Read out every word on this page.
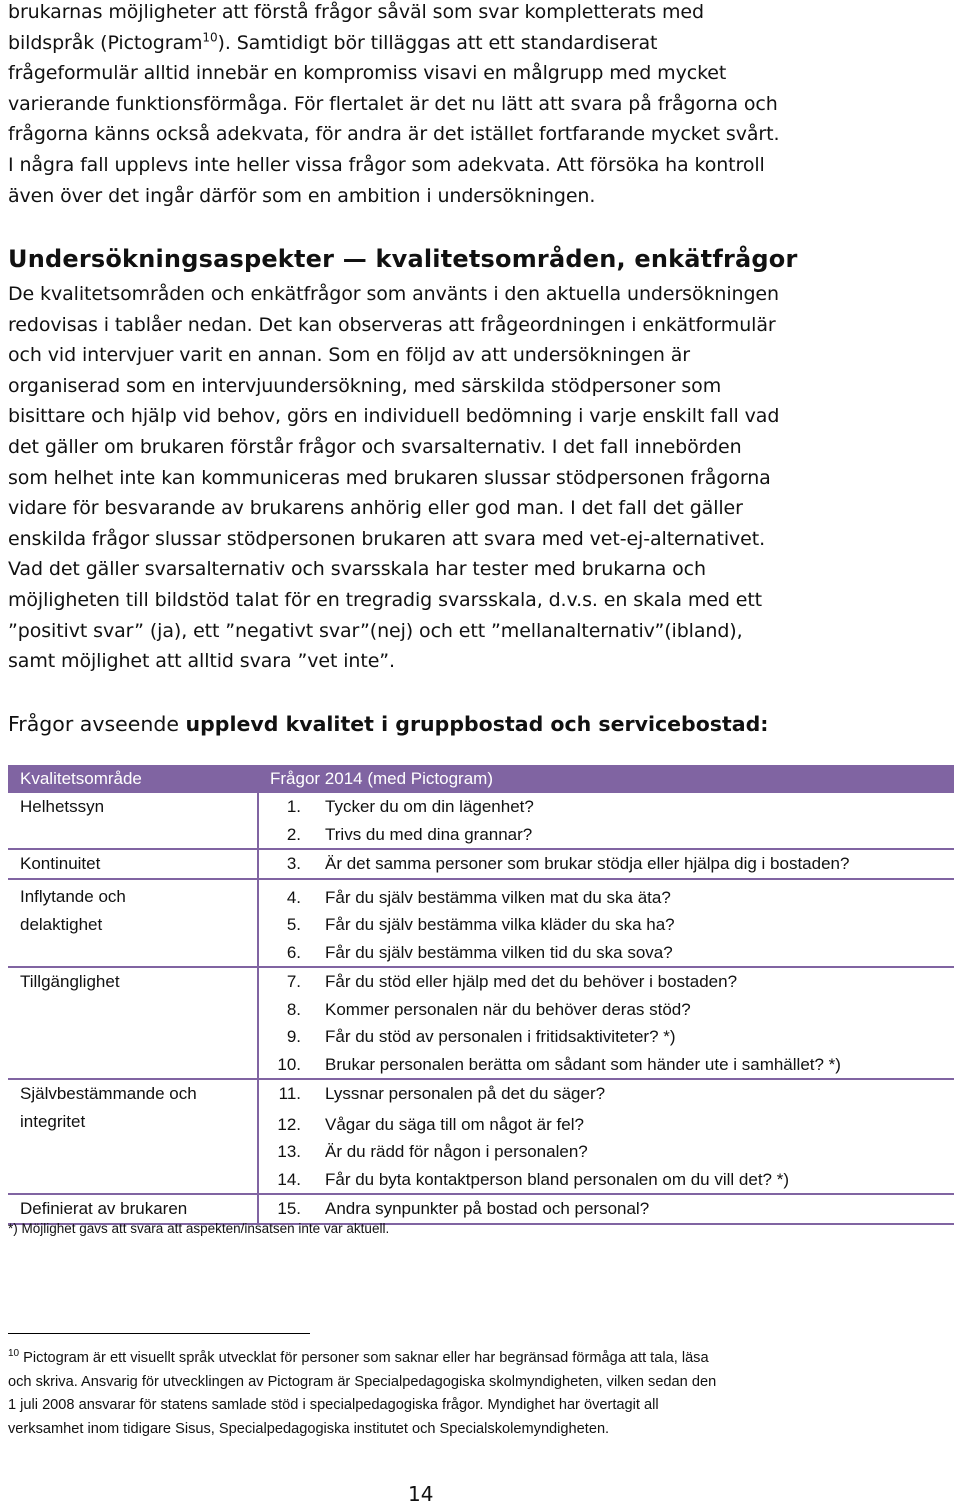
brukarnas möjligheter att förstå frågor såväl som svar kompletterats med
bildspråk (Pictogram$^{10}$). Samtidigt bör tilläggas att ett standardiserat
frågeformulär alltid innebär en kompromiss visavi en målgrupp med mycket
varierande funktionsförmåga. För flertalet är det nu lätt att svara på frågorna och
frågorna känns också adekvata, för andra är det istället fortfarande mycket svårt.
I några fall upplevs inte heller vissa frågor som adekvata. Att försöka ha kontroll
även över det ingår därför som en ambition i undersökningen.
Undersökningsaspekter — kvalitetsområden, enkätfrågor
De kvalitetsområden och enkätfrågor som använts i den aktuella undersökningen
redovisas i tablåer nedan. Det kan observeras att frågeordningen i enkätformulär
och vid intervjuer varit en annan. Som en följd av att undersökningen är
organiserad som en intervjuundersökning, med särskilda stödpersoner som
bisittare och hjälp vid behov, görs en individuell bedömning i varje enskilt fall vad
det gäller om brukaren förstår frågor och svarsalternativ. I det fall innebörden
som helhet inte kan kommuniceras med brukaren slussar stödpersonen frågorna
vidare för besvarande av brukarens anhörig eller god man. I det fall det gäller
enskilda frågor slussar stödpersonen brukaren att svara med vet-ej-alternativet.
Vad det gäller svarsalternativ och svarsskala har tester med brukarna och
möjligheten till bildstöd talat för en tregradig svarsskala, d.v.s. en skala med ett
”positivt svar” (ja), ett ”negativt svar”(nej) och ett ”mellanalternativ”(ibland),
samt möjlighet att alltid svara ”vet inte”.

Frågor avseende upplevd kvalitet i gruppbostad och servicebostad:

Kvalitetsområde	Frågor 2014 (med Pictogram)	
Helhetssyn	1.	Tycker du om din lägenhet?
	2.	Trivs du med dina grannar?
Kontinuitet	3.	Är det samma personer som brukar stödja eller hjälpa dig i bostaden?
Inflytande och	4.	Får du själv bestämma vilken mat du ska äta?
delaktighet	5.	Får du själv bestämma vilka kläder du ska ha?
	6.	Får du själv bestämma vilken tid du ska sova?
Tillgänglighet	7.	Får du stöd eller hjälp med det du behöver i bostaden?
	8.	Kommer personalen när du behöver deras stöd?
	9.	Får du stöd av personalen i fritidsaktiviteter? *)
	10.	Brukar personalen berätta om sådant som händer ute i samhället? *)
Självbestämmande och	11.	Lyssnar personalen på det du säger?
integritet	12.	Vågar du säga till om något är fel?
	13.	Är du rädd för någon i personalen?
	14.	Får du byta kontaktperson bland personalen om du vill det? *)
Definierat av brukaren	15.	Andra synpunkter på bostad och personal?
*) Möjlighet gavs att svara att aspekten/insatsen inte var aktuell.
$^{10}$ Pictogram är ett visuellt språk utvecklat för personer som saknar eller har begränsad förmåga att tala, läsa
och skriva. Ansvarig för utvecklingen av Pictogram är Specialpedagogiska skolmyndigheten, vilken sedan den
1 juli 2008 ansvarar för statens samlade stöd i specialpedagogiska frågor. Myndighet har övertagit all
verksamhet inom tidigare Sisus, Specialpedagogiska institutet och Specialskolemyndigheten.
14
